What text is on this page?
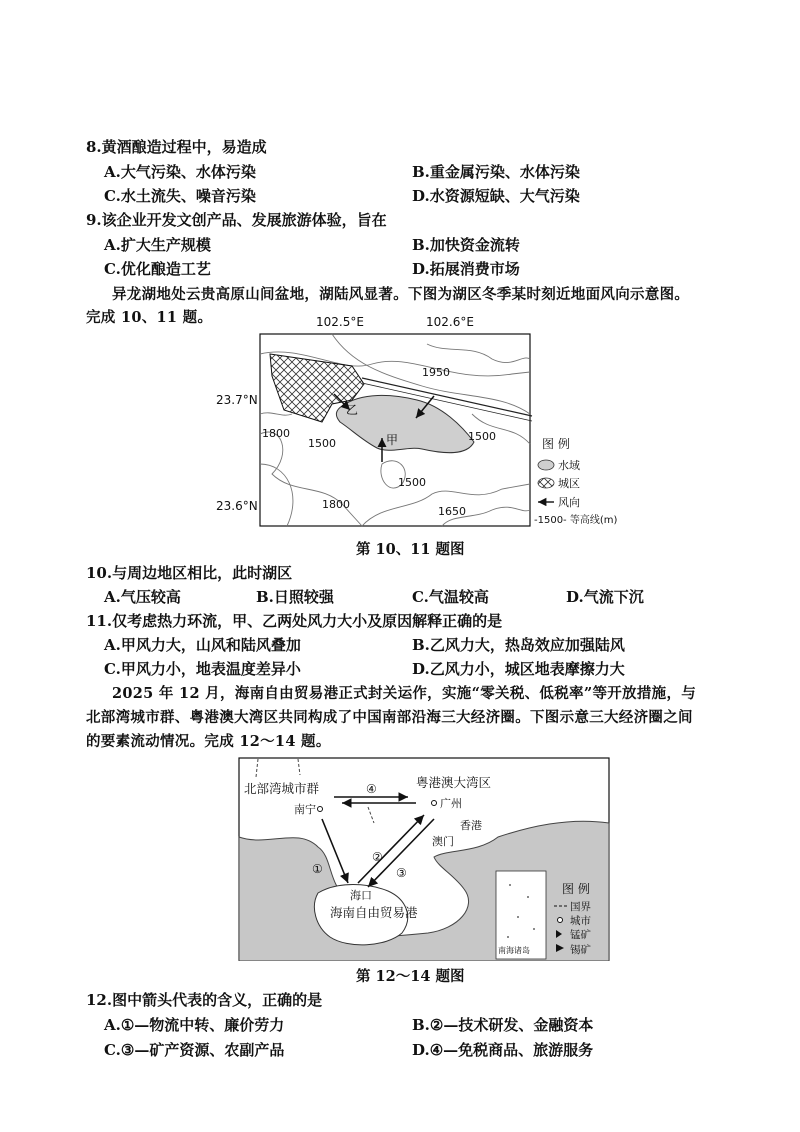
8.黄酒酿造过程中，易造成
A.大气污染、水体污染	B.重金属污染、水体污染
C.水土流失、噪音污染	D.水资源短缺、大气污染
9.该企业开发文创产品、发展旅游体验，旨在
A.扩大生产规模	B.加快资金流转
C.优化酿造工艺	D.拓展消费市场
异龙湖地处云贵高原山间盆地，湖陆风显著。下图为湖区冬季某时刻近地面风向示意图。
完成 10、11 题。	102.5°E	102.6°E
23.7°N
23.6°N
1950
1800
1500
1500
1500
1800
1650
甲
乙
图 例
水域
城区
风向
-1500- 等高线(m)
第 10、11 题图
10.与周边地区相比，此时湖区
A.气压较高	B.日照较强	C.气温较高	D.气流下沉
11.仅考虑热力环流，甲、乙两处风力大小及原因解释正确的是
A.甲风力大，山风和陆风叠加	B.乙风力大，热岛效应加强陆风
C.甲风力小，地表温度差异小	D.乙风力小，城区地表摩擦力大
2025 年 12 月，海南自由贸易港正式封关运作，实施“零关税、低税率”等开放措施，与
北部湾城市群、粤港澳大湾区共同构成了中国南部沿海三大经济圈。下图示意三大经济圈之间
的要素流动情况。完成 12～14 题。
北部湾城市群	粤港澳大湾区
南宁	广州
香港
澳门
海口
海南自由贸易港
④
①
②
③
南海诸岛
图 例
国界
城市
锰矿
锡矿
第 12～14 题图
12.图中箭头代表的含义，正确的是
A.①—物流中转、廉价劳力	B.②—技术研发、金融资本
C.③—矿产资源、农副产品	D.④—免税商品、旅游服务
